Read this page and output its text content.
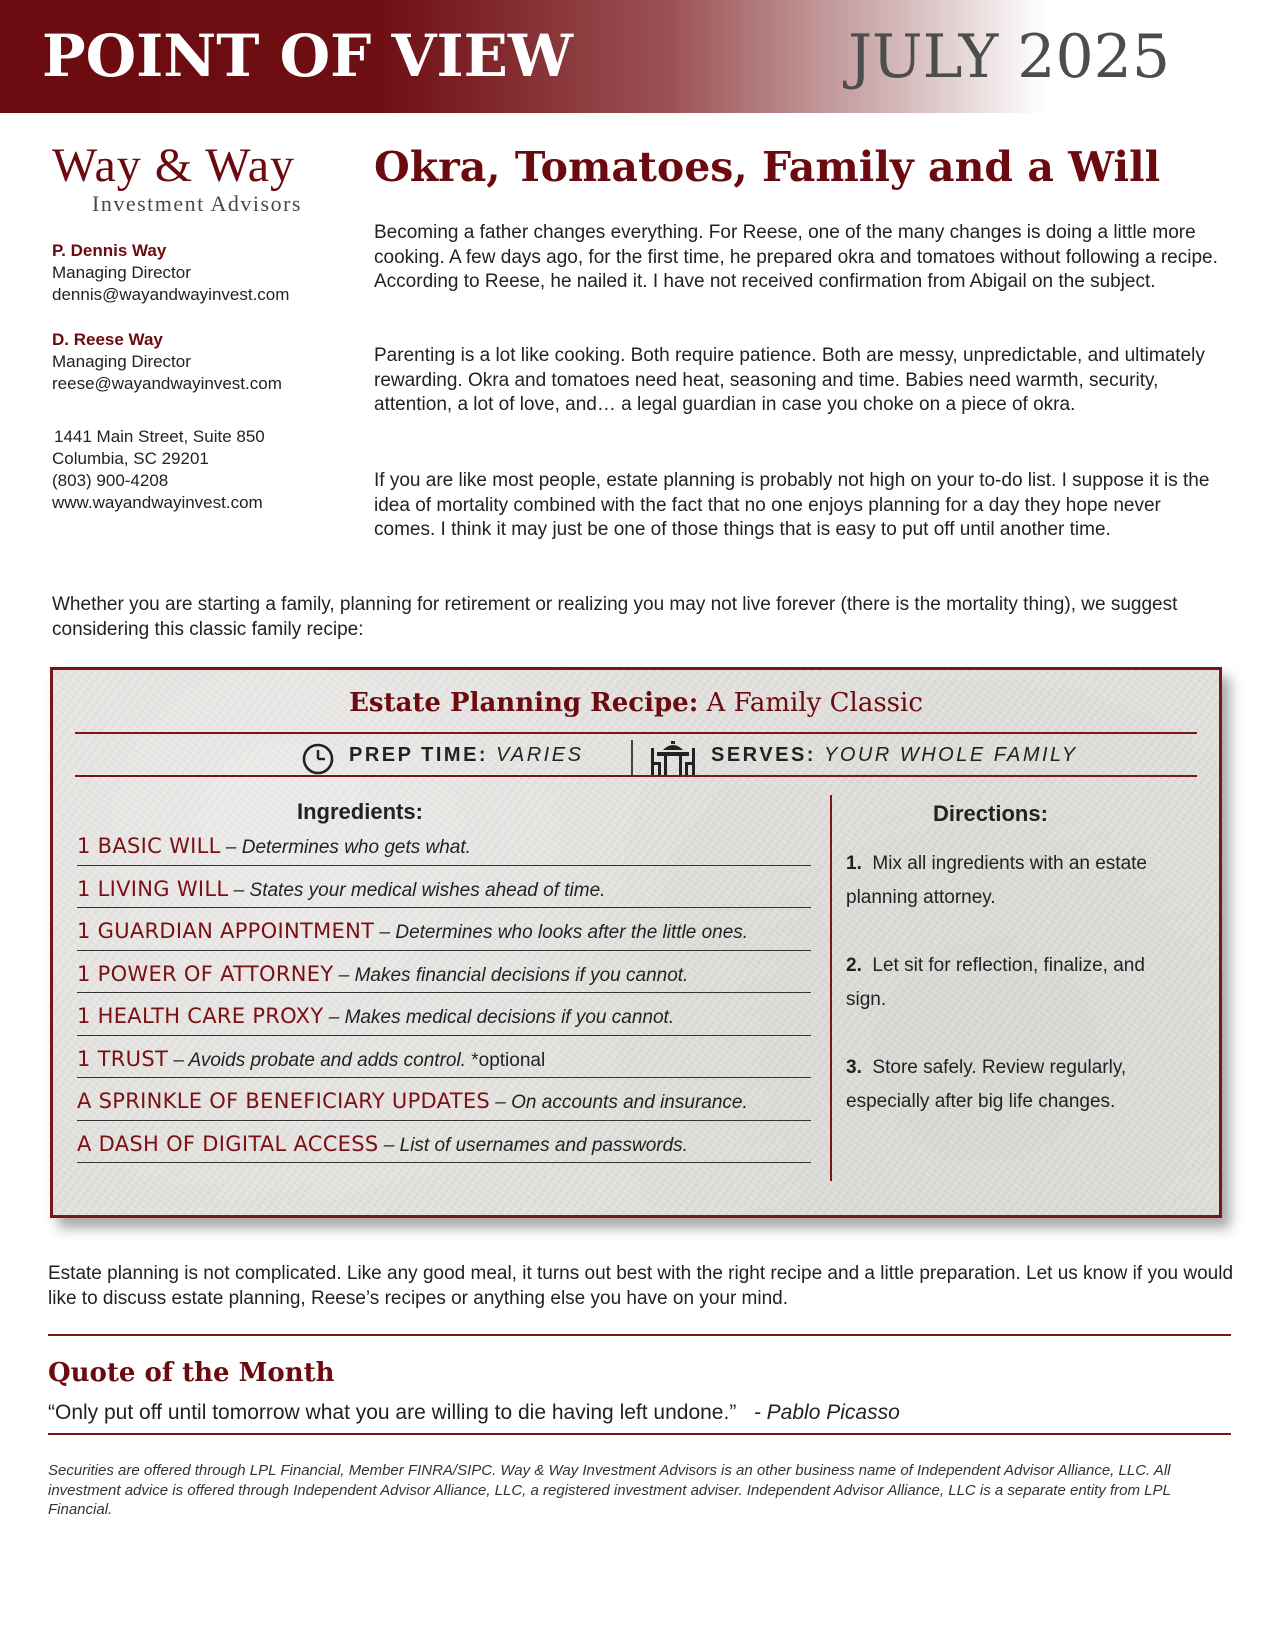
POINT OF VIEW	JULY 2025
Way & Way
Investment Advisors
P. Dennis Way
Managing Director
dennis@wayandwayinvest.com
D. Reese Way
Managing Director
reese@wayandwayinvest.com
1441 Main Street, Suite 850
Columbia, SC 29201
(803) 900-4208
www.wayandwayinvest.com
Okra, Tomatoes, Family and a Will

Becoming a father changes everything. For Reese, one of the many changes is doing a little more cooking. A few days ago, for the first time, he prepared okra and tomatoes without following a recipe. According to Reese, he nailed it. I have not received confirmation from Abigail on the subject.

Parenting is a lot like cooking. Both require patience. Both are messy, unpredictable, and ultimately rewarding. Okra and tomatoes need heat, seasoning and time. Babies need warmth, security, attention, a lot of love, and… a legal guardian in case you choke on a piece of okra.

If you are like most people, estate planning is probably not high on your to-do list. I suppose it is the idea of mortality combined with the fact that no one enjoys planning for a day they hope never comes. I think it may just be one of those things that is easy to put off until another time.

Whether you are starting a family, planning for retirement or realizing you may not live forever (there is the mortality thing), we suggest considering this classic family recipe:

Estate Planning Recipe: A Family Classic
PREP TIME: VARIES	SERVES: YOUR WHOLE FAMILY
Ingredients:	Directions:
1 BASIC WILL – Determines who gets what.
1 LIVING WILL – States your medical wishes ahead of time.
1 GUARDIAN APPOINTMENT – Determines who looks after the little ones.
1 POWER OF ATTORNEY – Makes financial decisions if you cannot.
1 HEALTH CARE PROXY – Makes medical decisions if you cannot.
1 TRUST – Avoids probate and adds control. *optional
A SPRINKLE OF BENEFICIARY UPDATES – On accounts and insurance.
A DASH OF DIGITAL ACCESS – List of usernames and passwords.
1. Mix all ingredients with an estate planning attorney.
2. Let sit for reflection, finalize, and sign.
3. Store safely. Review regularly, especially after big life changes.

Estate planning is not complicated. Like any good meal, it turns out best with the right recipe and a little preparation. Let us know if you would like to discuss estate planning, Reese’s recipes or anything else you have on your mind.

Quote of the Month
“Only put off until tomorrow what you are willing to die having left undone.” - Pablo Picasso

Securities are offered through LPL Financial, Member FINRA/SIPC. Way & Way Investment Advisors is an other business name of Independent Advisor Alliance, LLC. All investment advice is offered through Independent Advisor Alliance, LLC, a registered investment adviser. Independent Advisor Alliance, LLC is a separate entity from LPL Financial.
